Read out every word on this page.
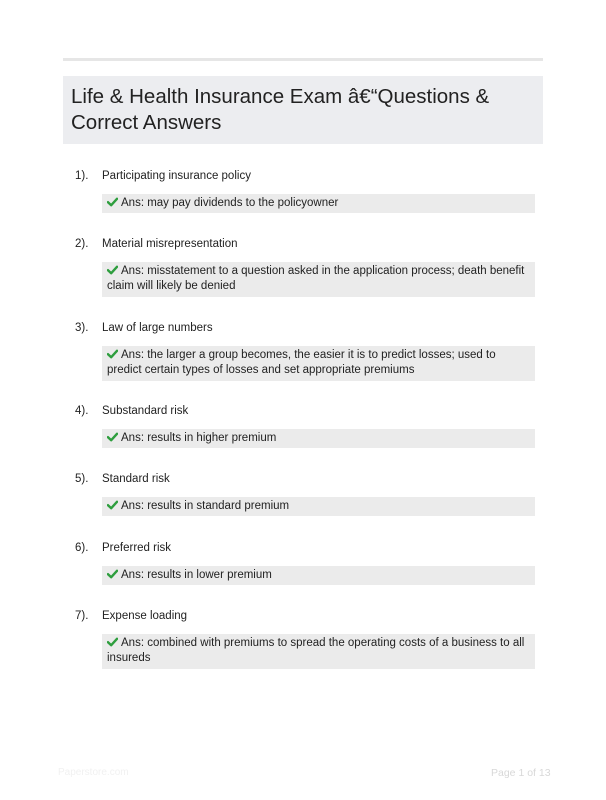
Life & Health Insurance Exam â€“Questions & Correct Answers
1).	Participating insurance policy
Ans: may pay dividends to the policyowner
2).	Material misrepresentation
Ans: misstatement to a question asked in the application process; death benefit claim will likely be denied
3).	Law of large numbers
Ans: the larger a group becomes, the easier it is to predict losses; used to predict certain types of losses and set appropriate premiums
4).	Substandard risk
Ans: results in higher premium
5).	Standard risk
Ans: results in standard premium
6).	Preferred risk
Ans: results in lower premium
7).	Expense loading
Ans: combined with premiums to spread the operating costs of a business to all insureds
Paperstore.com	Page 1 of 13
